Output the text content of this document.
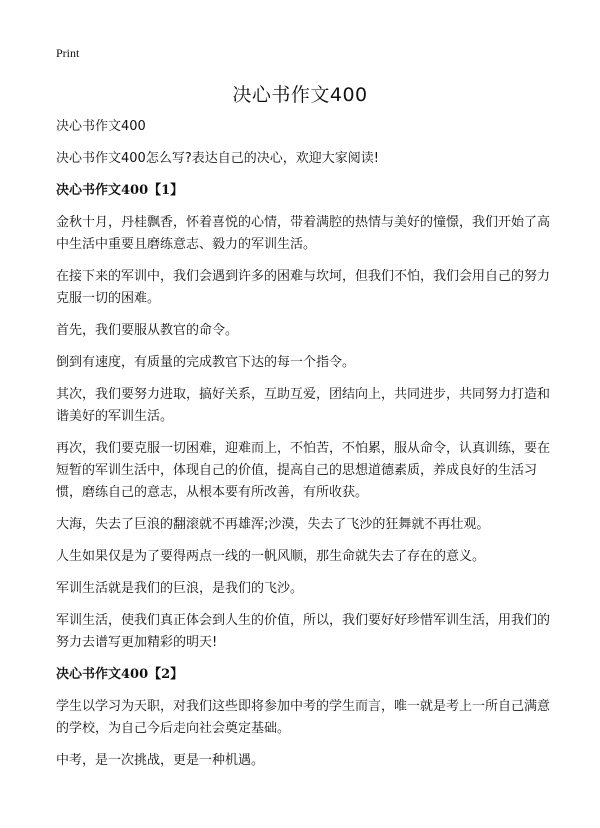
Print
决心书作文400

决心书作文400

决心书作文400怎么写?表达自己的决心，欢迎大家阅读!

决心书作文400【1】

金秋十月，丹桂飘香，怀着喜悦的心情，带着满腔的热情与美好的憧憬，我们开始了高中生活中重要且磨练意志、毅力的军训生活。

在接下来的军训中，我们会遇到许多的困难与坎坷，但我们不怕，我们会用自己的努力克服一切的困难。

首先，我们要服从教官的命令。

倒到有速度，有质量的完成教官下达的每一个指令。

其次，我们要努力进取，搞好关系，互助互爱，团结向上，共同进步，共同努力打造和谐美好的军训生活。

再次，我们要克服一切困难，迎难而上，不怕苦，不怕累，服从命令，认真训练，要在短暂的军训生活中，体现自己的价值，提高自己的思想道德素质，养成良好的生活习惯，磨练自己的意志，从根本要有所改善，有所收获。

大海，失去了巨浪的翻滚就不再雄浑;沙漠，失去了飞沙的狂舞就不再壮观。

人生如果仅是为了要得两点一线的一帆风顺，那生命就失去了存在的意义。

军训生活就是我们的巨浪，是我们的飞沙。

军训生活，使我们真正体会到人生的价值，所以，我们要好好珍惜军训生活，用我们的努力去谱写更加精彩的明天!

决心书作文400【2】

学生以学习为天职，对我们这些即将参加中考的学生而言，唯一就是考上一所自己满意的学校，为自己今后走向社会奠定基础。

中考，是一次挑战，更是一种机遇。
